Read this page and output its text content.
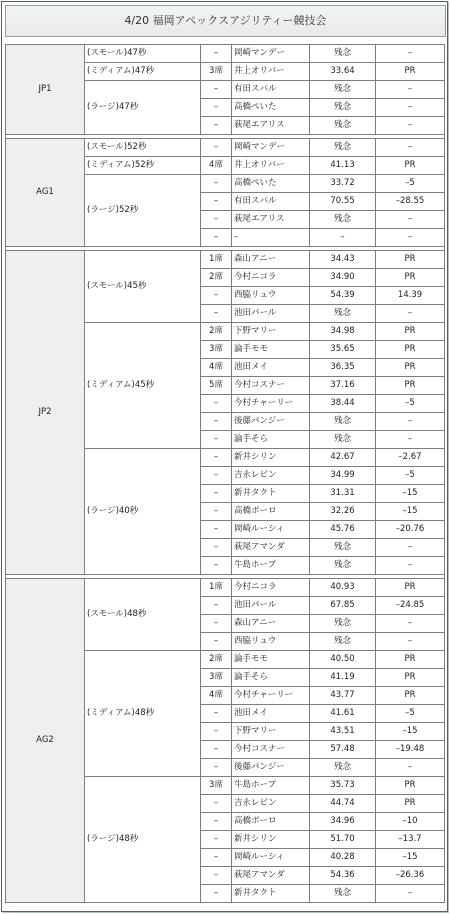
4/20 福岡アペックスアジリティー競技会
JP1	(スモール)47秒	–	岡崎マンデー	残念	–
	(ミディアム)47秒	3席	井上オリバー	33.64	PR
	(ラージ)47秒	–	有田スバル	残念	–
		–	高橋ぺいた	残念	–
		–	萩尾エアリス	残念	–

AG1	(スモール)52秒	–	岡崎マンデー	残念	–
	(ミディアム)52秒	4席	井上オリバー	41.13	PR
	(ラージ)52秒	–	高橋ぺいた	33.72	–5
		–	有田スバル	70.55	–28.55
		–	萩尾エアリス	残念	–
		–	–	–	–

JP2	(スモール)45秒	1席	森山アニー	34.43	PR
		2席	今村ニコラ	34.90	PR
		–	西脇リュウ	54.39	14.39
		–	池田パール	残念	–
	(ミディアム)45秒	2席	下野マリー	34.98	PR
		3席	論手モモ	35.65	PR
		4席	池田メイ	36.35	PR
		5席	今村コスナー	37.16	PR
		–	今村チャーリー	38.44	–5
		–	後藤パンジー	残念	–
		–	論手そら	残念	–
	(ラージ)40秒	–	新井シリン	42.67	–2.67
		–	吉永レビン	34.99	–5
		–	新井タクト	31.31	–15
		–	高橋ポーロ	32.26	–15
		–	岡崎ルーシィ	45.76	–20.76
		–	萩尾アマンダ	残念	–
		–	牛島ホープ	残念	–

AG2	(スモール)48秒	1席	今村ニコラ	40.93	PR
		–	池田パール	67.85	–24.85
		–	森山アニー	残念	–
		–	西脇リュウ	残念	–
	(ミディアム)48秒	2席	論手モモ	40.50	PR
		3席	論手そら	41.19	PR
		4席	今村チャーリー	43.77	PR
		–	池田メイ	41.61	–5
		–	下野マリー	43.51	–15
		–	今村コスナー	57.48	–19.48
		–	後藤パンジー	残念	–
	(ラージ)48秒	3席	牛島ホープ	35.73	PR
		–	吉永レビン	44.74	PR
		–	高橋ポーロ	34.96	–10
		–	新井シリン	51.70	–13.7
		–	岡崎ルーシィ	40.28	–15
		–	萩尾アマンダ	54.36	–26.36
		–	新井タクト	残念	–
